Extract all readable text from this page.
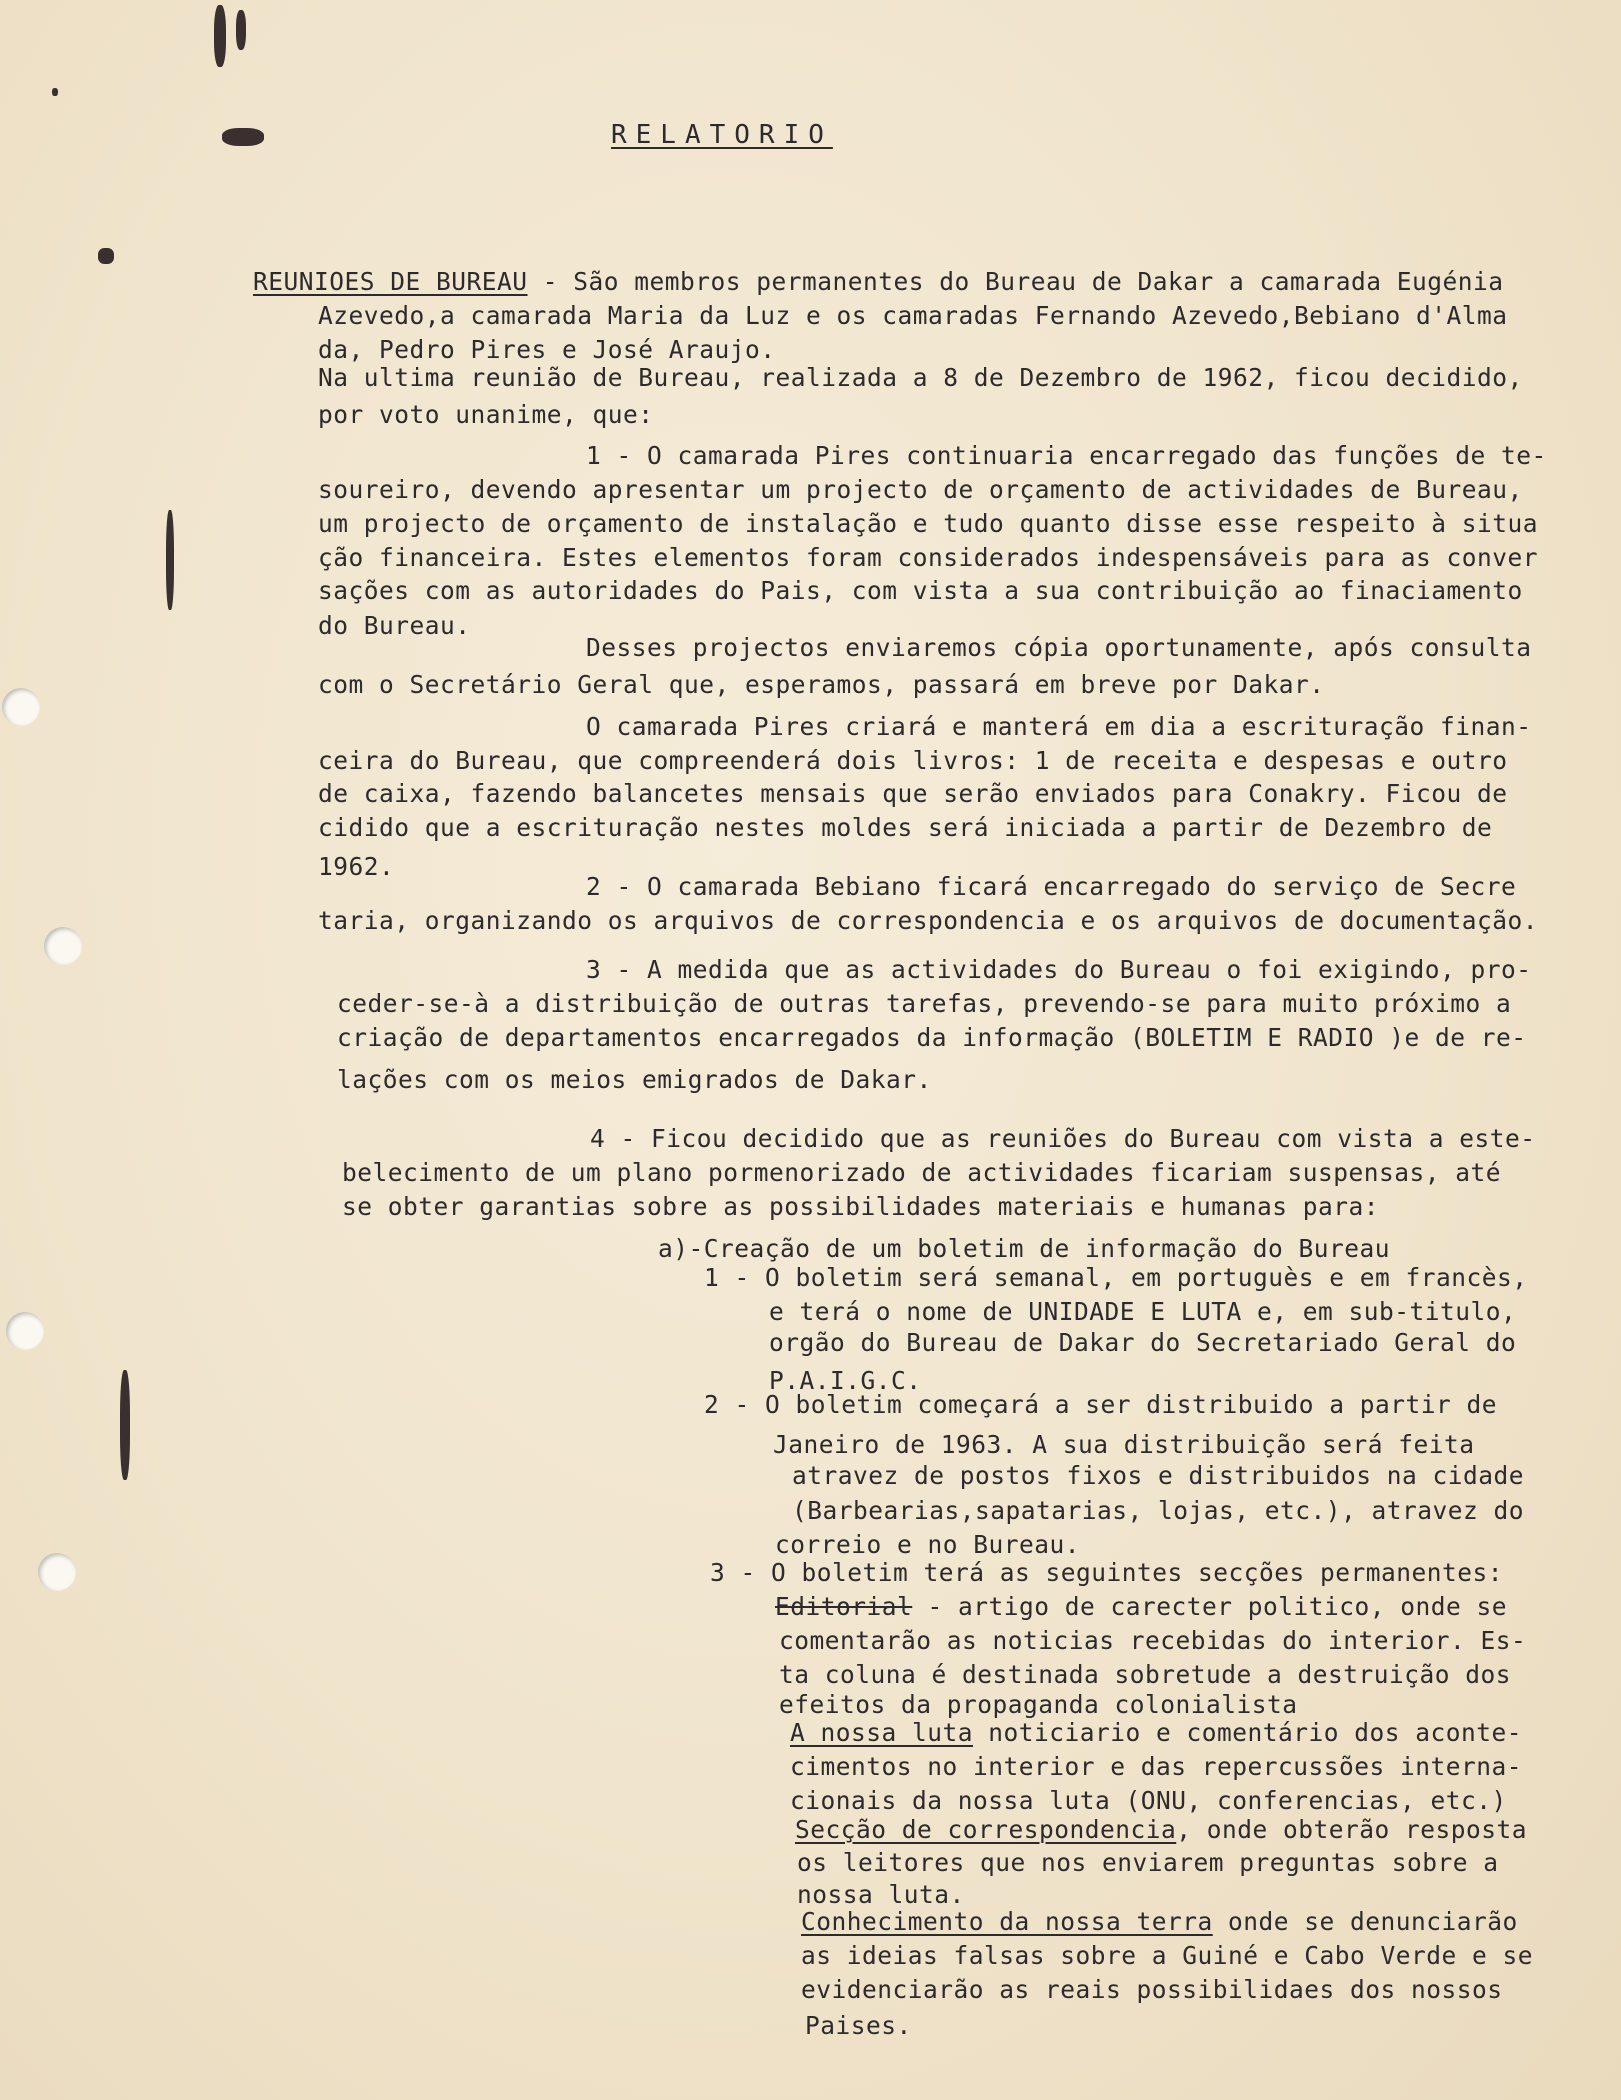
RELATORIO
REUNIOES DE BUREAU - São membros permanentes do Bureau de Dakar a camarada Eugénia
Azevedo,a camarada Maria da Luz e os camaradas Fernando Azevedo,Bebiano d'Alma
da, Pedro Pires e José Araujo.
Na ultima reunião de Bureau, realizada a 8 de Dezembro de 1962, ficou decidido,
por voto unanime, que:
1 - O camarada Pires continuaria encarregado das funções de te-
soureiro, devendo apresentar um projecto de orçamento de actividades de Bureau,
um projecto de orçamento de instalação e tudo quanto disse esse respeito à situa
ção financeira. Estes elementos foram considerados indespensáveis para as conver
sações com as autoridades do Pais, com vista a sua contribuição ao finaciamento
do Bureau.
Desses projectos enviaremos cópia oportunamente, após consulta
com o Secretário Geral que, esperamos, passará em breve por Dakar.
O camarada Pires criará e manterá em dia a escrituração finan-
ceira do Bureau, que compreenderá dois livros: 1 de receita e despesas e outro
de caixa, fazendo balancetes mensais que serão enviados para Conakry. Ficou de
cidido que a escrituração nestes moldes será iniciada a partir de Dezembro de
1962.
2 - O camarada Bebiano ficará encarregado do serviço de Secre
taria, organizando os arquivos de correspondencia e os arquivos de documentação.
3 - A medida que as actividades do Bureau o foi exigindo, pro-
ceder-se-à a distribuição de outras tarefas, prevendo-se para muito próximo a
criação de departamentos encarregados da informação (BOLETIM E RADIO )e de re-
lações com os meios emigrados de Dakar.
4 - Ficou decidido que as reuniões do Bureau com vista a este-
belecimento de um plano pormenorizado de actividades ficariam suspensas, até
se obter garantias sobre as possibilidades materiais e humanas para:
a)-Creação de um boletim de informação do Bureau
1 - O boletim será semanal, em portuguès e em francès,
e terá o nome de UNIDADE E LUTA e, em sub-titulo,
orgão do Bureau de Dakar do Secretariado Geral do
P.A.I.G.C.
2 - O boletim começará a ser distribuido a partir de
Janeiro de 1963. A sua distribuição será feita
atravez de postos fixos e distribuidos na cidade
(Barbearias,sapatarias, lojas, etc.), atravez do
correio e no Bureau.
3 - O boletim terá as seguintes secções permanentes:
Editorial - artigo de carecter politico, onde se
comentarão as noticias recebidas do interior. Es-
ta coluna é destinada sobretude a destruição dos
efeitos da propaganda colonialista
A nossa luta noticiario e comentário dos aconte-
cimentos no interior e das repercussões interna-
cionais da nossa luta (ONU, conferencias, etc.)
Secção de correspondencia, onde obterão resposta
os leitores que nos enviarem preguntas sobre a
nossa luta.
Conhecimento da nossa terra onde se denunciarão
as ideias falsas sobre a Guiné e Cabo Verde e se
evidenciarão as reais possibilidaes dos nossos
Paises.
